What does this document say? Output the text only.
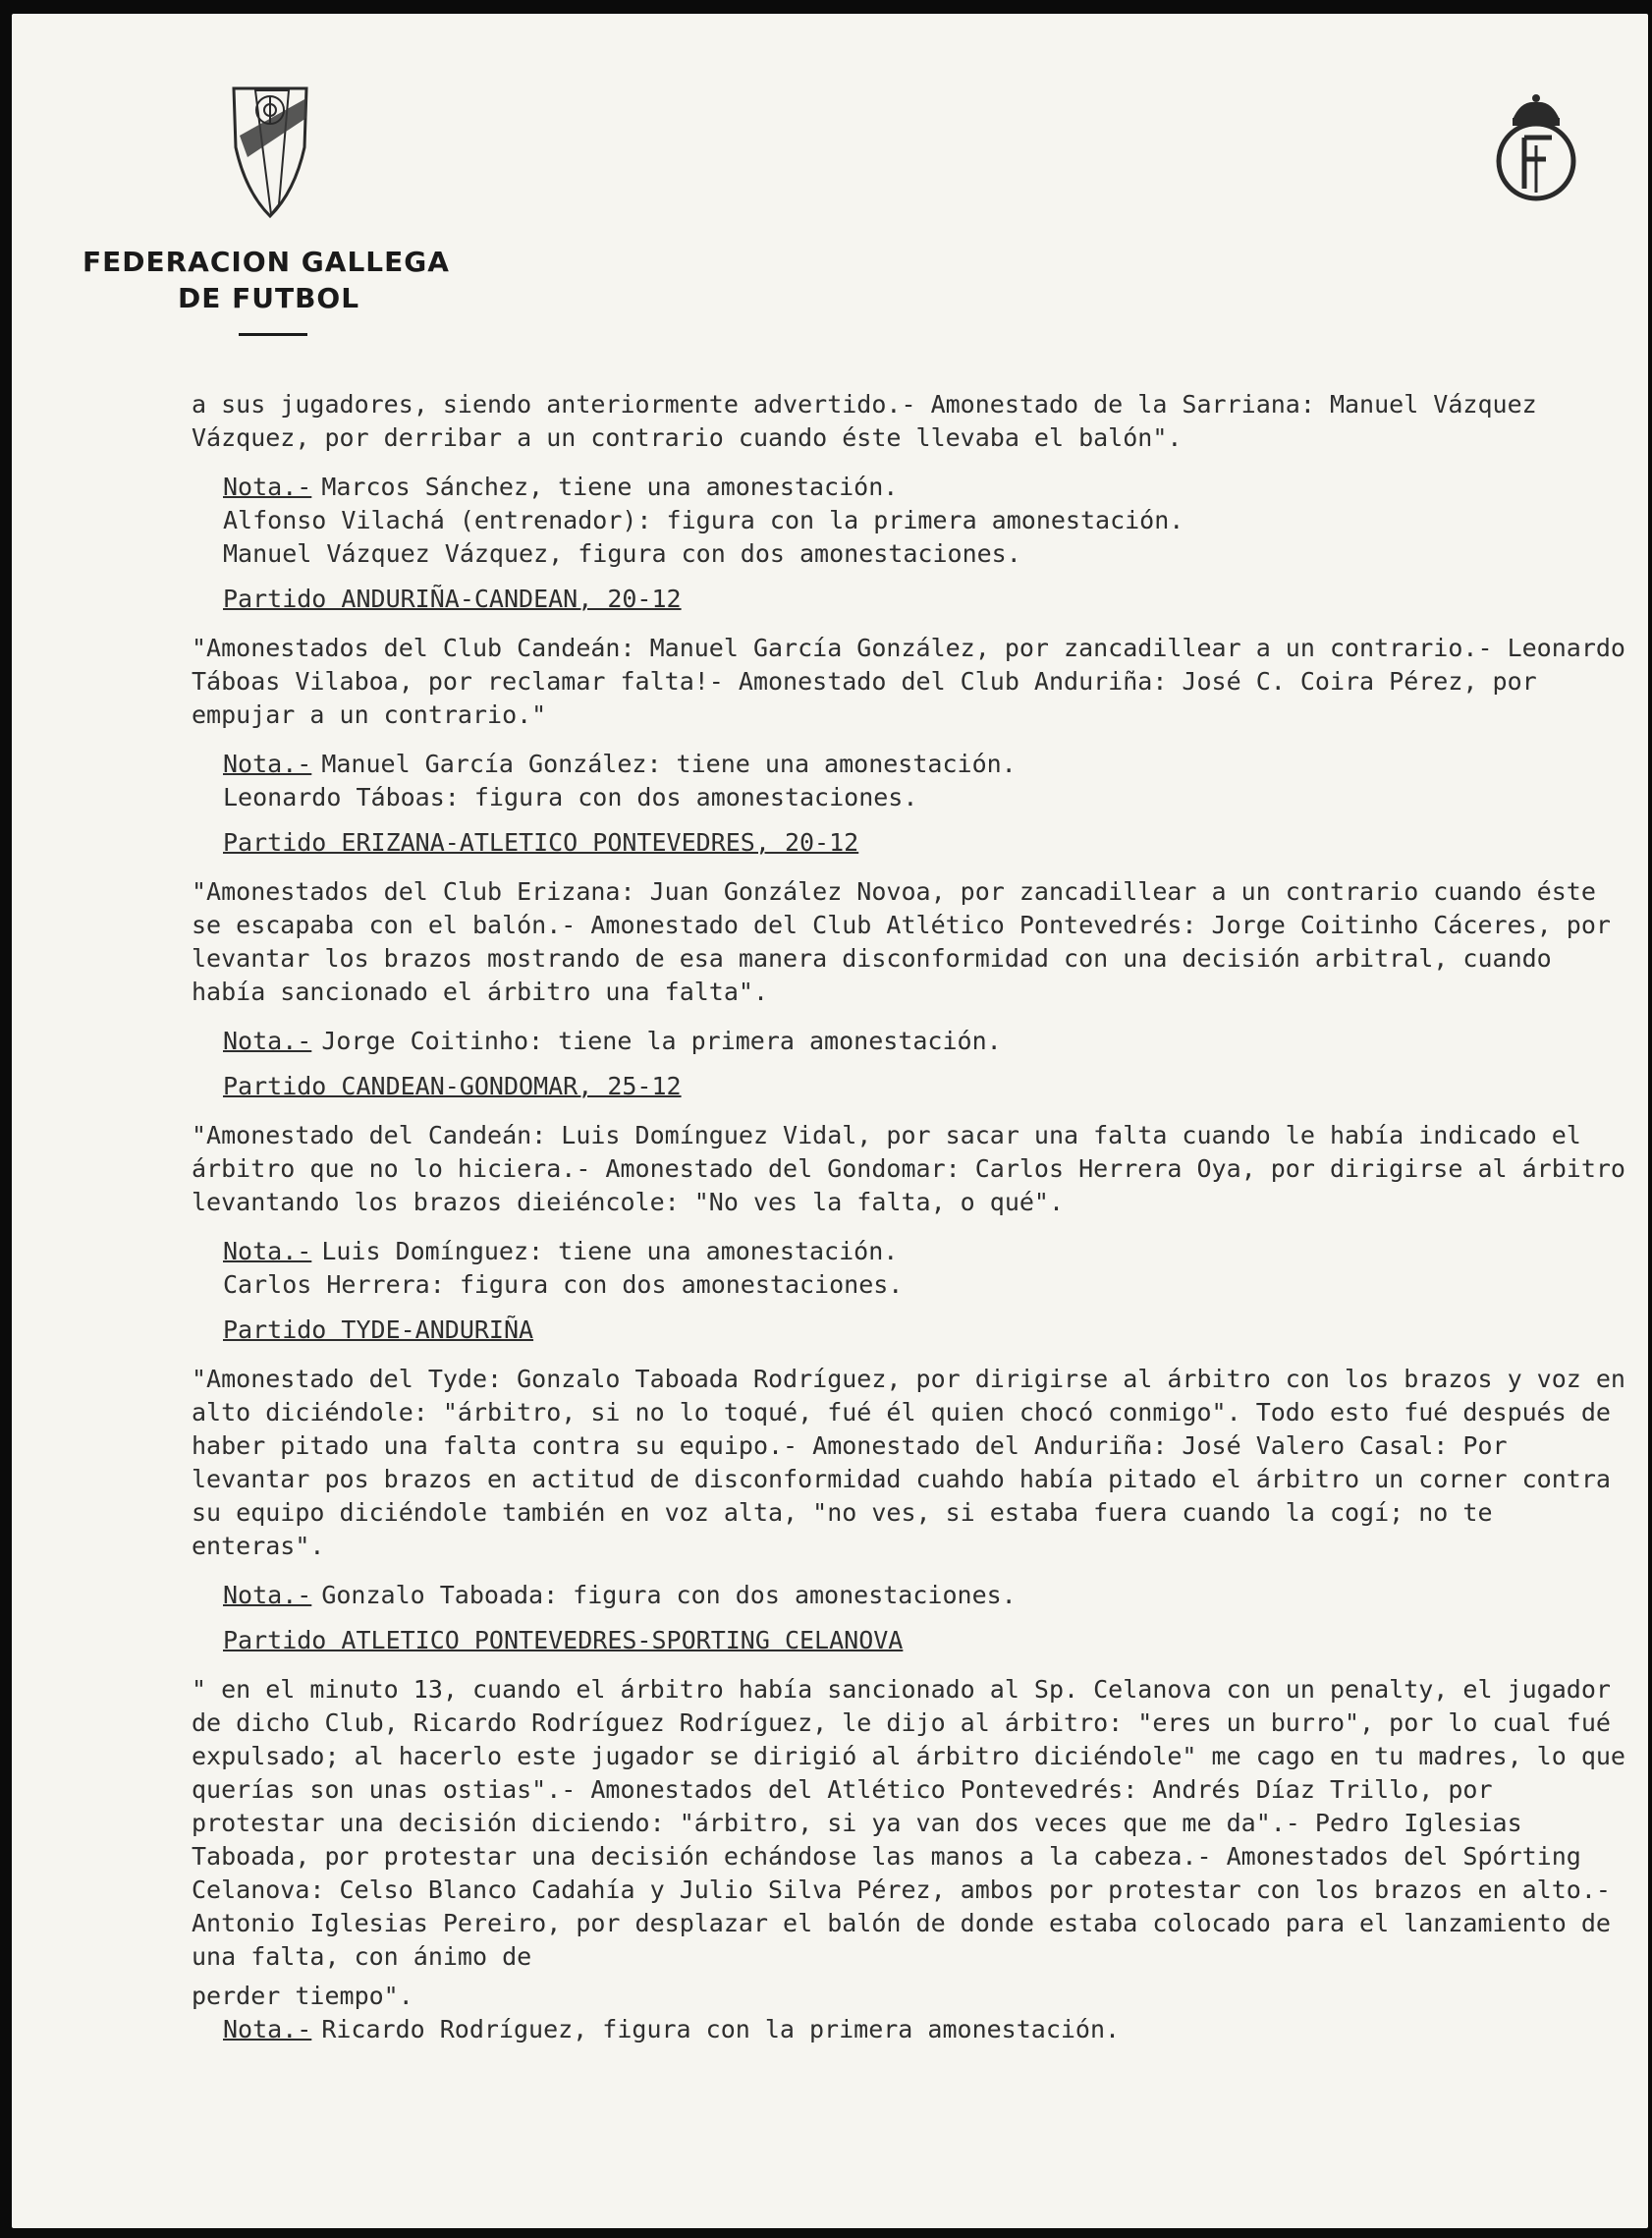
FEDERACION GALLEGA
DE FUTBOL

a sus jugadores, siendo anteriormente advertido.- Amonestado de la Sarriana: Manuel Vázquez Vázquez, por derribar a un contrario cuando éste llevaba el balón".

Nota.- Marcos Sánchez, tiene una amonestación.
Alfonso Vilachá (entrenador): figura con la primera amonestación.
Manuel Vázquez Vázquez, figura con dos amonestaciones.

Partido ANDURIÑA-CANDEAN, 20-12

"Amonestados del Club Candeán: Manuel García González, por zancadillear a un contrario.- Leonardo Táboas Vilaboa, por reclamar falta!- Amonestado del Club Anduriña: José C. Coira Pérez, por empujar a un contrario."

Nota.- Manuel García González: tiene una amonestación.
Leonardo Táboas: figura con dos amonestaciones.

Partido ERIZANA-ATLETICO PONTEVEDRES, 20-12

"Amonestados del Club Erizana: Juan González Novoa, por zancadillear a un contrario cuando éste se escapaba con el balón.- Amonestado del Club Atlético Pontevedrés: Jorge Coitinho Cáceres, por levantar los brazos mostrando de esa manera disconformidad con una decisión arbitral, cuando había sancionado el árbitro una falta".

Nota.- Jorge Coitinho: tiene la primera amonestación.

Partido CANDEAN-GONDOMAR, 25-12

"Amonestado del Candeán: Luis Domínguez Vidal, por sacar una falta cuando le había indicado el árbitro que no lo hiciera.- Amonestado del Gondomar: Carlos Herrera Oya, por dirigirse al árbitro levantando los brazos dieiéncole: "No ves la falta, o qué".

Nota.- Luis Domínguez: tiene una amonestación.
Carlos Herrera: figura con dos amonestaciones.

Partido TYDE-ANDURIÑA

"Amonestado del Tyde: Gonzalo Taboada Rodríguez, por dirigirse al árbitro con los brazos y voz en alto diciéndole: "árbitro, si no lo toqué, fué él quien chocó conmigo". Todo esto fué después de haber pitado una falta contra su equipo.- Amonestado del Anduriña: José Valero Casal: Por levantar pos brazos en actitud de disconformidad cuahdo había pitado el árbitro un corner contra su equipo diciéndole también en voz alta, "no ves, si estaba fuera cuando la cogí; no te enteras".

Nota.- Gonzalo Taboada: figura con dos amonestaciones.

Partido ATLETICO PONTEVEDRES-SPORTING CELANOVA

" en el minuto 13, cuando el árbitro había sancionado al Sp. Celanova con un penalty, el jugador de dicho Club, Ricardo Rodríguez Rodríguez, le dijo al árbitro: "eres un burro", por lo cual fué expulsado; al hacerlo este jugador se dirigió al árbitro diciéndole" me cago en tu madres, lo que querías son unas ostias".- Amonestados del Atlético Pontevedrés: Andrés Díaz Trillo, por protestar una decisión diciendo: "árbitro, si ya van dos veces que me da".- Pedro Iglesias Taboada, por protestar una decisión echándose las manos a la cabeza.- Amonestados del Spórting Celanova: Celso Blanco Cadahía y Julio Silva Pérez, ambos por protestar con los brazos en alto.- Antonio Iglesias Pereiro, por desplazar el balón de donde estaba colocado para el lanzamiento de una falta, con ánimo de

perder tiempo".

Nota.- Ricardo Rodríguez, figura con la primera amonestación.
